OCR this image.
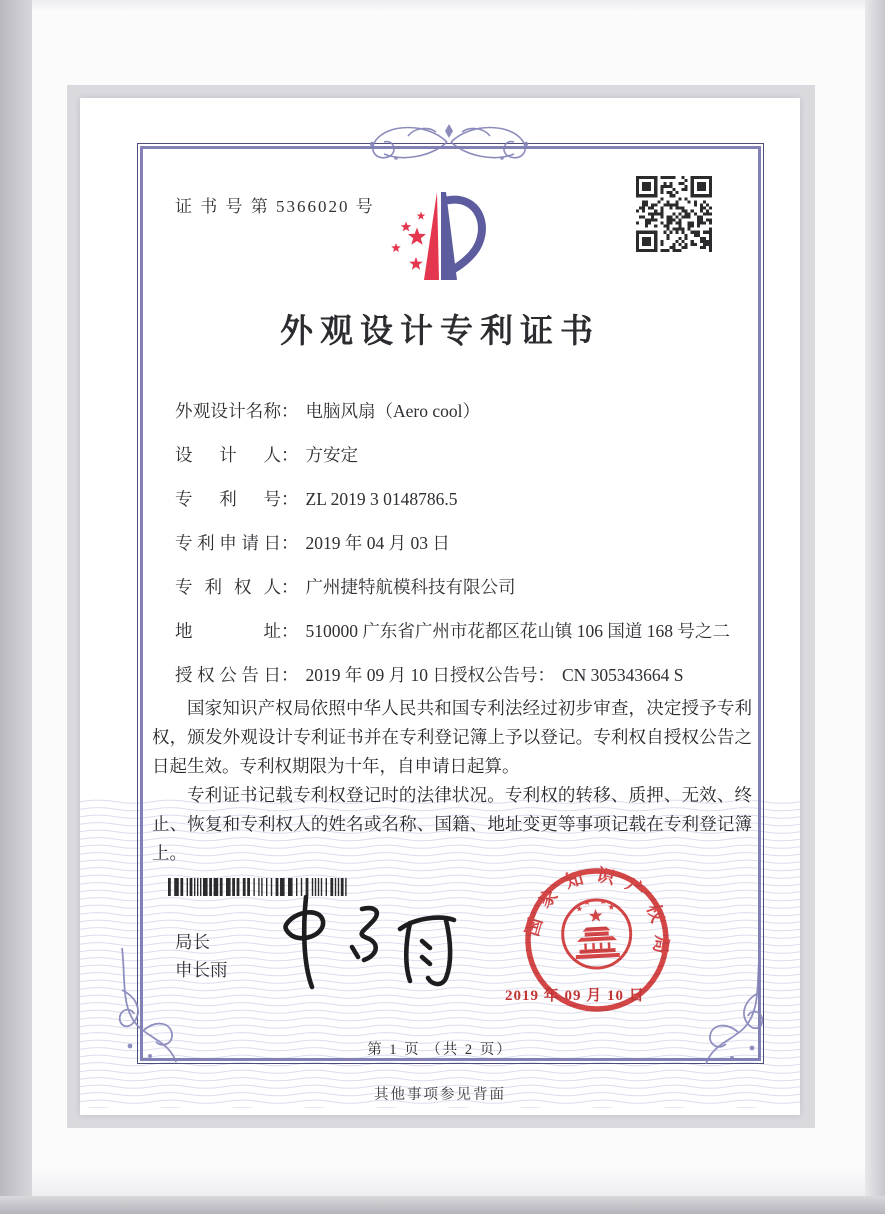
证 书 号 第 5366020 号
外观设计专利证书
外观设计名称： 电脑风扇（Aero cool）
设计人： 方安定
专利号： ZL 2019 3 0148786.5
专利申请日： 2019 年 04 月 03 日
专利权人： 广州捷特航模科技有限公司
地址： 510000 广东省广州市花都区花山镇 106 国道 168 号之二
授权公告日： 2019 年 09 月 10 日 授权公告号： CN 305343664 S

国家知识产权局依照中华人民共和国专利法经过初步审查，决定授予专利权，颁发外观设计专利证书并在专利登记簿上予以登记。专利权自授权公告之日起生效。专利权期限为十年，自申请日起算。

专利证书记载专利权登记时的法律状况。专利权的转移、质押、无效、终止、恢复和专利权人的姓名或名称、国籍、地址变更等事项记载在专利登记簿上。

局长
申长雨
国家知识产权局
2019 年 09 月 10 日
第 1 页 （共 2 页）
其他事项参见背面
